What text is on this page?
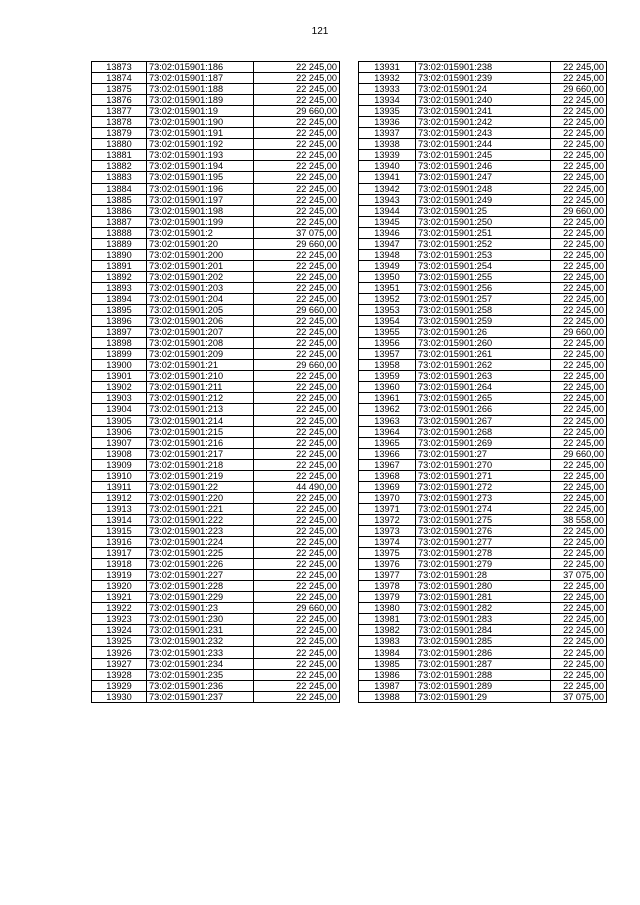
121
13873	73:02:015901:186	22 245,00
13874	73:02:015901:187	22 245,00
13875	73:02:015901:188	22 245,00
13876	73:02:015901:189	22 245,00
13877	73:02:015901:19	29 660,00
13878	73:02:015901:190	22 245,00
13879	73:02:015901:191	22 245,00
13880	73:02:015901:192	22 245,00
13881	73:02:015901:193	22 245,00
13882	73:02:015901:194	22 245,00
13883	73:02:015901:195	22 245,00
13884	73:02:015901:196	22 245,00
13885	73:02:015901:197	22 245,00
13886	73:02:015901:198	22 245,00
13887	73:02:015901:199	22 245,00
13888	73:02:015901:2	37 075,00
13889	73:02:015901:20	29 660,00
13890	73:02:015901:200	22 245,00
13891	73:02:015901:201	22 245,00
13892	73:02:015901:202	22 245,00
13893	73:02:015901:203	22 245,00
13894	73:02:015901:204	22 245,00
13895	73:02:015901:205	29 660,00
13896	73:02:015901:206	22 245,00
13897	73:02:015901:207	22 245,00
13898	73:02:015901:208	22 245,00
13899	73:02:015901:209	22 245,00
13900	73:02:015901:21	29 660,00
13901	73:02:015901:210	22 245,00
13902	73:02:015901:211	22 245,00
13903	73:02:015901:212	22 245,00
13904	73:02:015901:213	22 245,00
13905	73:02:015901:214	22 245,00
13906	73:02:015901:215	22 245,00
13907	73:02:015901:216	22 245,00
13908	73:02:015901:217	22 245,00
13909	73:02:015901:218	22 245,00
13910	73:02:015901:219	22 245,00
13911	73:02:015901:22	44 490,00
13912	73:02:015901:220	22 245,00
13913	73:02:015901:221	22 245,00
13914	73:02:015901:222	22 245,00
13915	73:02:015901:223	22 245,00
13916	73:02:015901:224	22 245,00
13917	73:02:015901:225	22 245,00
13918	73:02:015901:226	22 245,00
13919	73:02:015901:227	22 245,00
13920	73:02:015901:228	22 245,00
13921	73:02:015901:229	22 245,00
13922	73:02:015901:23	29 660,00
13923	73:02:015901:230	22 245,00
13924	73:02:015901:231	22 245,00
13925	73:02:015901:232	22 245,00
13926	73:02:015901:233	22 245,00
13927	73:02:015901:234	22 245,00
13928	73:02:015901:235	22 245,00
13929	73:02:015901:236	22 245,00
13930	73:02:015901:237	22 245,00
13931	73:02:015901:238	22 245,00
13932	73:02:015901:239	22 245,00
13933	73:02:015901:24	29 660,00
13934	73:02:015901:240	22 245,00
13935	73:02:015901:241	22 245,00
13936	73:02:015901:242	22 245,00
13937	73:02:015901:243	22 245,00
13938	73:02:015901:244	22 245,00
13939	73:02:015901:245	22 245,00
13940	73:02:015901:246	22 245,00
13941	73:02:015901:247	22 245,00
13942	73:02:015901:248	22 245,00
13943	73:02:015901:249	22 245,00
13944	73:02:015901:25	29 660,00
13945	73:02:015901:250	22 245,00
13946	73:02:015901:251	22 245,00
13947	73:02:015901:252	22 245,00
13948	73:02:015901:253	22 245,00
13949	73:02:015901:254	22 245,00
13950	73:02:015901:255	22 245,00
13951	73:02:015901:256	22 245,00
13952	73:02:015901:257	22 245,00
13953	73:02:015901:258	22 245,00
13954	73:02:015901:259	22 245,00
13955	73:02:015901:26	29 660,00
13956	73:02:015901:260	22 245,00
13957	73:02:015901:261	22 245,00
13958	73:02:015901:262	22 245,00
13959	73:02:015901:263	22 245,00
13960	73:02:015901:264	22 245,00
13961	73:02:015901:265	22 245,00
13962	73:02:015901:266	22 245,00
13963	73:02:015901:267	22 245,00
13964	73:02:015901:268	22 245,00
13965	73:02:015901:269	22 245,00
13966	73:02:015901:27	29 660,00
13967	73:02:015901:270	22 245,00
13968	73:02:015901:271	22 245,00
13969	73:02:015901:272	22 245,00
13970	73:02:015901:273	22 245,00
13971	73:02:015901:274	22 245,00
13972	73:02:015901:275	38 558,00
13973	73:02:015901:276	22 245,00
13974	73:02:015901:277	22 245,00
13975	73:02:015901:278	22 245,00
13976	73:02:015901:279	22 245,00
13977	73:02:015901:28	37 075,00
13978	73:02:015901:280	22 245,00
13979	73:02:015901:281	22 245,00
13980	73:02:015901:282	22 245,00
13981	73:02:015901:283	22 245,00
13982	73:02:015901:284	22 245,00
13983	73:02:015901:285	22 245,00
13984	73:02:015901:286	22 245,00
13985	73:02:015901:287	22 245,00
13986	73:02:015901:288	22 245,00
13987	73:02:015901:289	22 245,00
13988	73:02:015901:29	37 075,00
